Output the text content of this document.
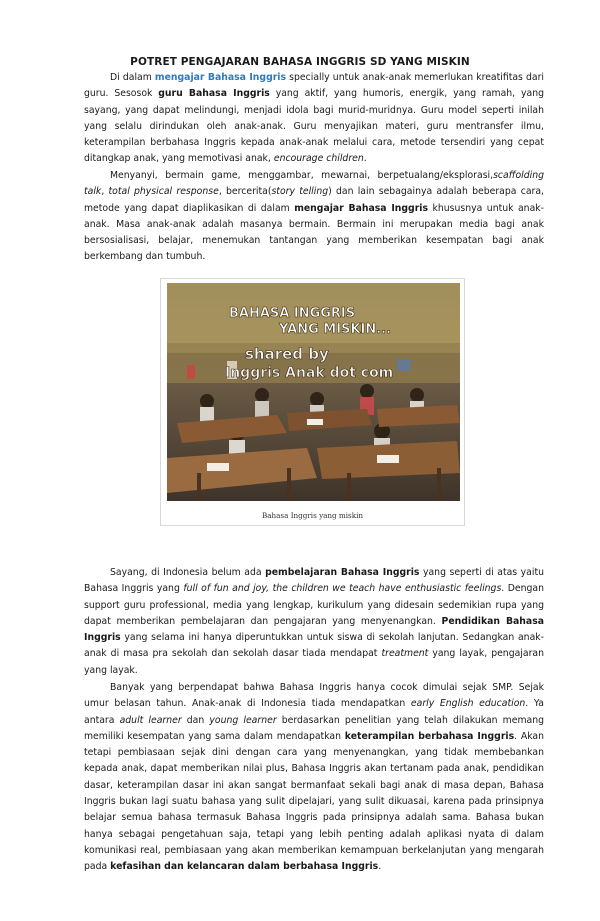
POTRET PENGAJARAN BAHASA INGGRIS SD YANG MISKIN

Di dalam mengajar Bahasa Inggris specially untuk anak-anak memerlukan kreatifitas dari guru. Sesosok guru Bahasa Inggris yang aktif, yang humoris, energik, yang ramah, yang sayang, yang dapat melindungi, menjadi idola bagi murid-muridnya. Guru model seperti inilah yang selalu dirindukan oleh anak-anak. Guru menyajikan materi, guru mentransfer ilmu, keterampilan berbahasa Inggris kepada anak-anak melalui cara, metode tersendiri yang cepat ditangkap anak, yang memotivasi anak, encourage children.

Menyanyi, bermain game, menggambar, mewarnai, berpetualang/eksplorasi,scaffolding talk, total physical response, bercerita(story telling) dan lain sebagainya adalah beberapa cara, metode yang dapat diaplikasikan di dalam mengajar Bahasa Inggris khususnya untuk anak-anak. Masa anak-anak adalah masanya bermain. Bermain ini merupakan media bagi anak bersosialisasi, belajar, menemukan tantangan yang memberikan kesempatan bagi anak berkembang dan tumbuh.

BAHASA INGGRIS
YANG MISKIN...
shared by
Inggris Anak dot com
Bahasa Inggris yang miskin

Sayang, di Indonesia belum ada pembelajaran Bahasa Inggris yang seperti di atas yaitu Bahasa Inggris yang full of fun and joy, the children we teach have enthusiastic feelings. Dengan support guru professional, media yang lengkap, kurikulum yang didesain sedemikian rupa yang dapat memberikan pembelajaran dan pengajaran yang menyenangkan. Pendidikan Bahasa Inggris yang selama ini hanya diperuntukkan untuk siswa di sekolah lanjutan. Sedangkan anak-anak di masa pra sekolah dan sekolah dasar tiada mendapat treatment yang layak, pengajaran yang layak.

Banyak yang berpendapat bahwa Bahasa Inggris hanya cocok dimulai sejak SMP. Sejak umur belasan tahun. Anak-anak di Indonesia tiada mendapatkan early English education. Ya antara adult learner dan young learner berdasarkan penelitian yang telah dilakukan memang memiliki kesempatan yang sama dalam mendapatkan keterampilan berbahasa Inggris. Akan tetapi pembiasaan sejak dini dengan cara yang menyenangkan, yang tidak membebankan kepada anak, dapat memberikan nilai plus, Bahasa Inggris akan tertanam pada anak, pendidikan dasar, keterampilan dasar ini akan sangat bermanfaat sekali bagi anak di masa depan, Bahasa Inggris bukan lagi suatu bahasa yang sulit dipelajari, yang sulit dikuasai, karena pada prinsipnya belajar semua bahasa termasuk Bahasa Inggris pada prinsipnya adalah sama. Bahasa bukan hanya sebagai pengetahuan saja, tetapi yang lebih penting adalah aplikasi nyata di dalam komunikasi real, pembiasaan yang akan memberikan kemampuan berkelanjutan yang mengarah pada kefasihan dan kelancaran dalam berbahasa Inggris.
